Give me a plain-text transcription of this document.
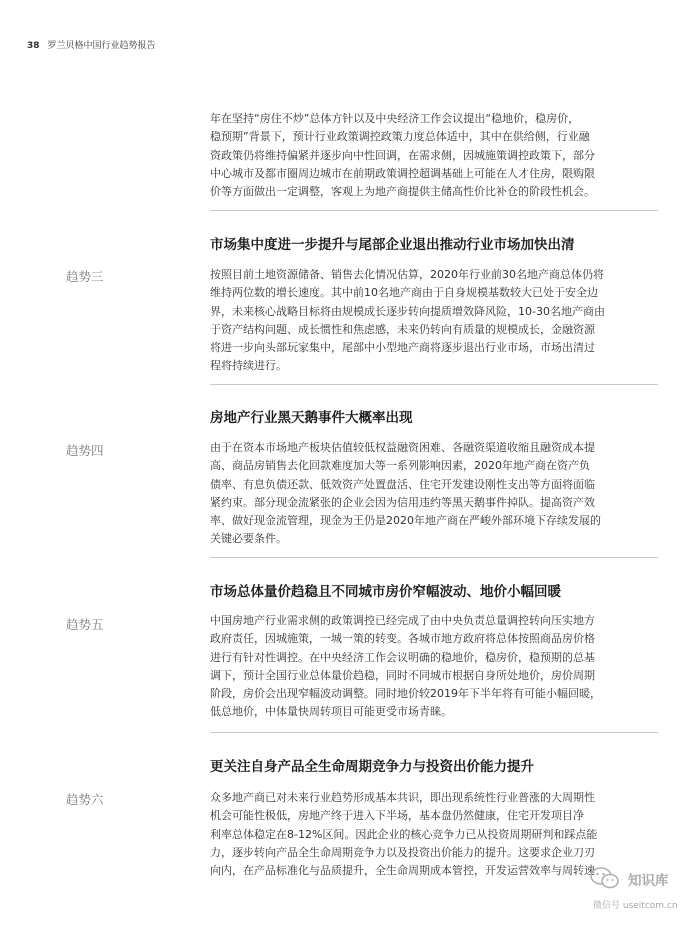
38 罗兰贝格中国行业趋势报告
年在坚持“房住不炒”总体方针以及中央经济工作会议提出“稳地价，稳房价，
稳预期”背景下，预计行业政策调控政策力度总体适中，其中在供给侧，行业融
资政策仍将维持偏紧并逐步向中性回调，在需求侧，因城施策调控政策下，部分
中心城市及都市圈周边城市在前期政策调控超调基础上可能在人才住房，限购限
价等方面做出一定调整，客观上为地产商提供主储高性价比补仓的阶段性机会。
市场集中度进一步提升与尾部企业退出推动行业市场加快出清
趋势三	按照目前土地资源储备、销售去化情况估算，2020年行业前30名地产商总体仍将
维持两位数的增长速度。其中前10名地产商由于自身规模基数较大已处于安全边
界，未来核心战略目标将由规模成长逐步转向提质增效降风险，10-30名地产商由
于资产结构问题、成长惯性和焦虑感，未来仍转向有质量的规模成长，金融资源
将进一步向头部玩家集中，尾部中小型地产商将逐步退出行业市场，市场出清过
程将持续进行。
房地产行业黑天鹅事件大概率出现
趋势四	由于在资本市场地产板块估值较低权益融资困难、各融资渠道收缩且融资成本提
高、商品房销售去化回款难度加大等一系列影响因素，2020年地产商在资产负
债率、有息负债还款、低效资产处置盘活、住宅开发建设刚性支出等方面将面临
紧约束。部分现金流紧张的企业会因为信用违约等黑天鹅事件掉队。提高资产效
率、做好现金流管理，现金为王仍是2020年地产商在严峻外部环境下存续发展的
关键必要条件。
市场总体量价趋稳且不同城市房价窄幅波动、地价小幅回暖
趋势五	中国房地产行业需求侧的政策调控已经完成了由中央负责总量调控转向压实地方
政府责任，因城施策，一城一策的转变。各城市地方政府将总体按照商品房价格
进行有针对性调控。在中央经济工作会议明确的稳地价，稳房价，稳预期的总基
调下，预计全国行业总体量价趋稳，同时不同城市根据自身所处地价，房价周期
阶段，房价会出现窄幅波动调整。同时地价较2019年下半年将有可能小幅回暖，
低总地价，中体量快周转项目可能更受市场青睐。
更关注自身产品全生命周期竞争力与投资出价能力提升
趋势六	众多地产商已对未来行业趋势形成基本共识，即出现系统性行业普涨的大周期性
机会可能性极低，房地产终于进入下半场，基本盘仍然健康，住宅开发项目净
利率总体稳定在8-12%区间。因此企业的核心竞争力已从投资周期研判和踩点能
力，逐步转向产品全生命周期竞争力以及投资出价能力的提升。这要求企业刀刃
向内，在产品标准化与品质提升，全生命周期成本管控，开发运营效率与周转速
知识库
微信号 useitcom.cn
